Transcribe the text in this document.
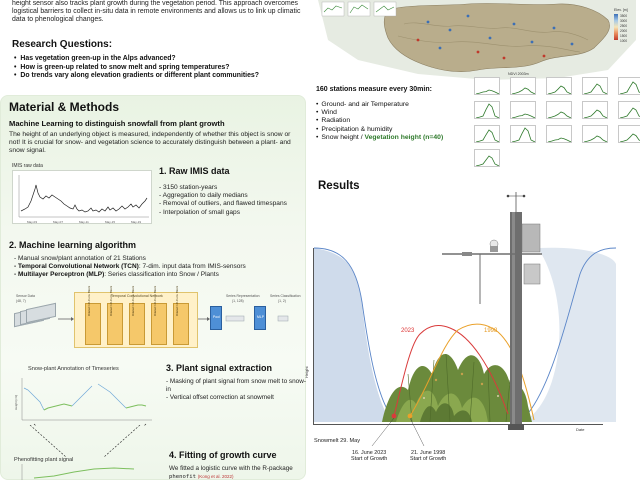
height sensor also tracks plant growth during the vegetation period. This approach overcomes logistical barriers to collect in-situ data in remote environments and allows us to link up climatic data to phenological changes.

Research Questions:
• Has vegetation green-up in the Alps advanced?
• How is green-up related to snow melt and spring temperatures?
• Do trends vary along elevation gradients or different plant communities?
Material & Methods
Machine Learning to distinguish snowfall from plant growth

The height of an underlying object is measured, independently of whether this object is snow or not! It is crucial for snow- and vegetation science to accurately distinguish between a plant- and snow signal.

IMIS raw data
May-03	May-07	May-11	May-15	May-19
1. Raw IMIS data
- 3150 station-years
- Aggregation to daily medians
- Removal of outliers, and flawed timespans
- Interpolation of small gaps
2. Machine learning algorithm
- Manual snow/plant annotation of 21 Stations
- Temporal Convolutional Network (TCN): 7-dim. input data from IMIS-sensors
- Multilayer Perceptron (MLP): Series classification into Snow / Plants
Sensor Data
(48, 7)
Temporal Convolutional Network
Dilated 1D-Conv Block	Dilated 1D-Conv Block	Dilated 1D-Conv Block	Dilated 1D-Conv Block	Dilated 1D-Conv Block
Pool
Series Representation
(1, 128)
MLP
Series Classification
(1, 2)
Snow-plant Annotation of Timeseries
Height [cm]
3. Plant signal extraction
- Masking of plant signal from snow melt to snow-in
- Vertical offset correction at snowmelt
Phenofitting plant signal	4. Fitting of growth curve
We fitted a logistic curve with the R-package phenofit (Kong et al. 2022)
Elev. [m]
3500
3000
2500
2000
1500
1000
160 stations measure every 30min:
• Ground- and air Temperature
• Wind
• Radiation
• Precipitation & humidity
• Snow height / Vegetation height (n=40)
NDVI 2003m
Results
Height
Date
2023	1998
Snowmelt 29. May
16. June 2023
Start of Growth
21. June 1998
Start of Growth
